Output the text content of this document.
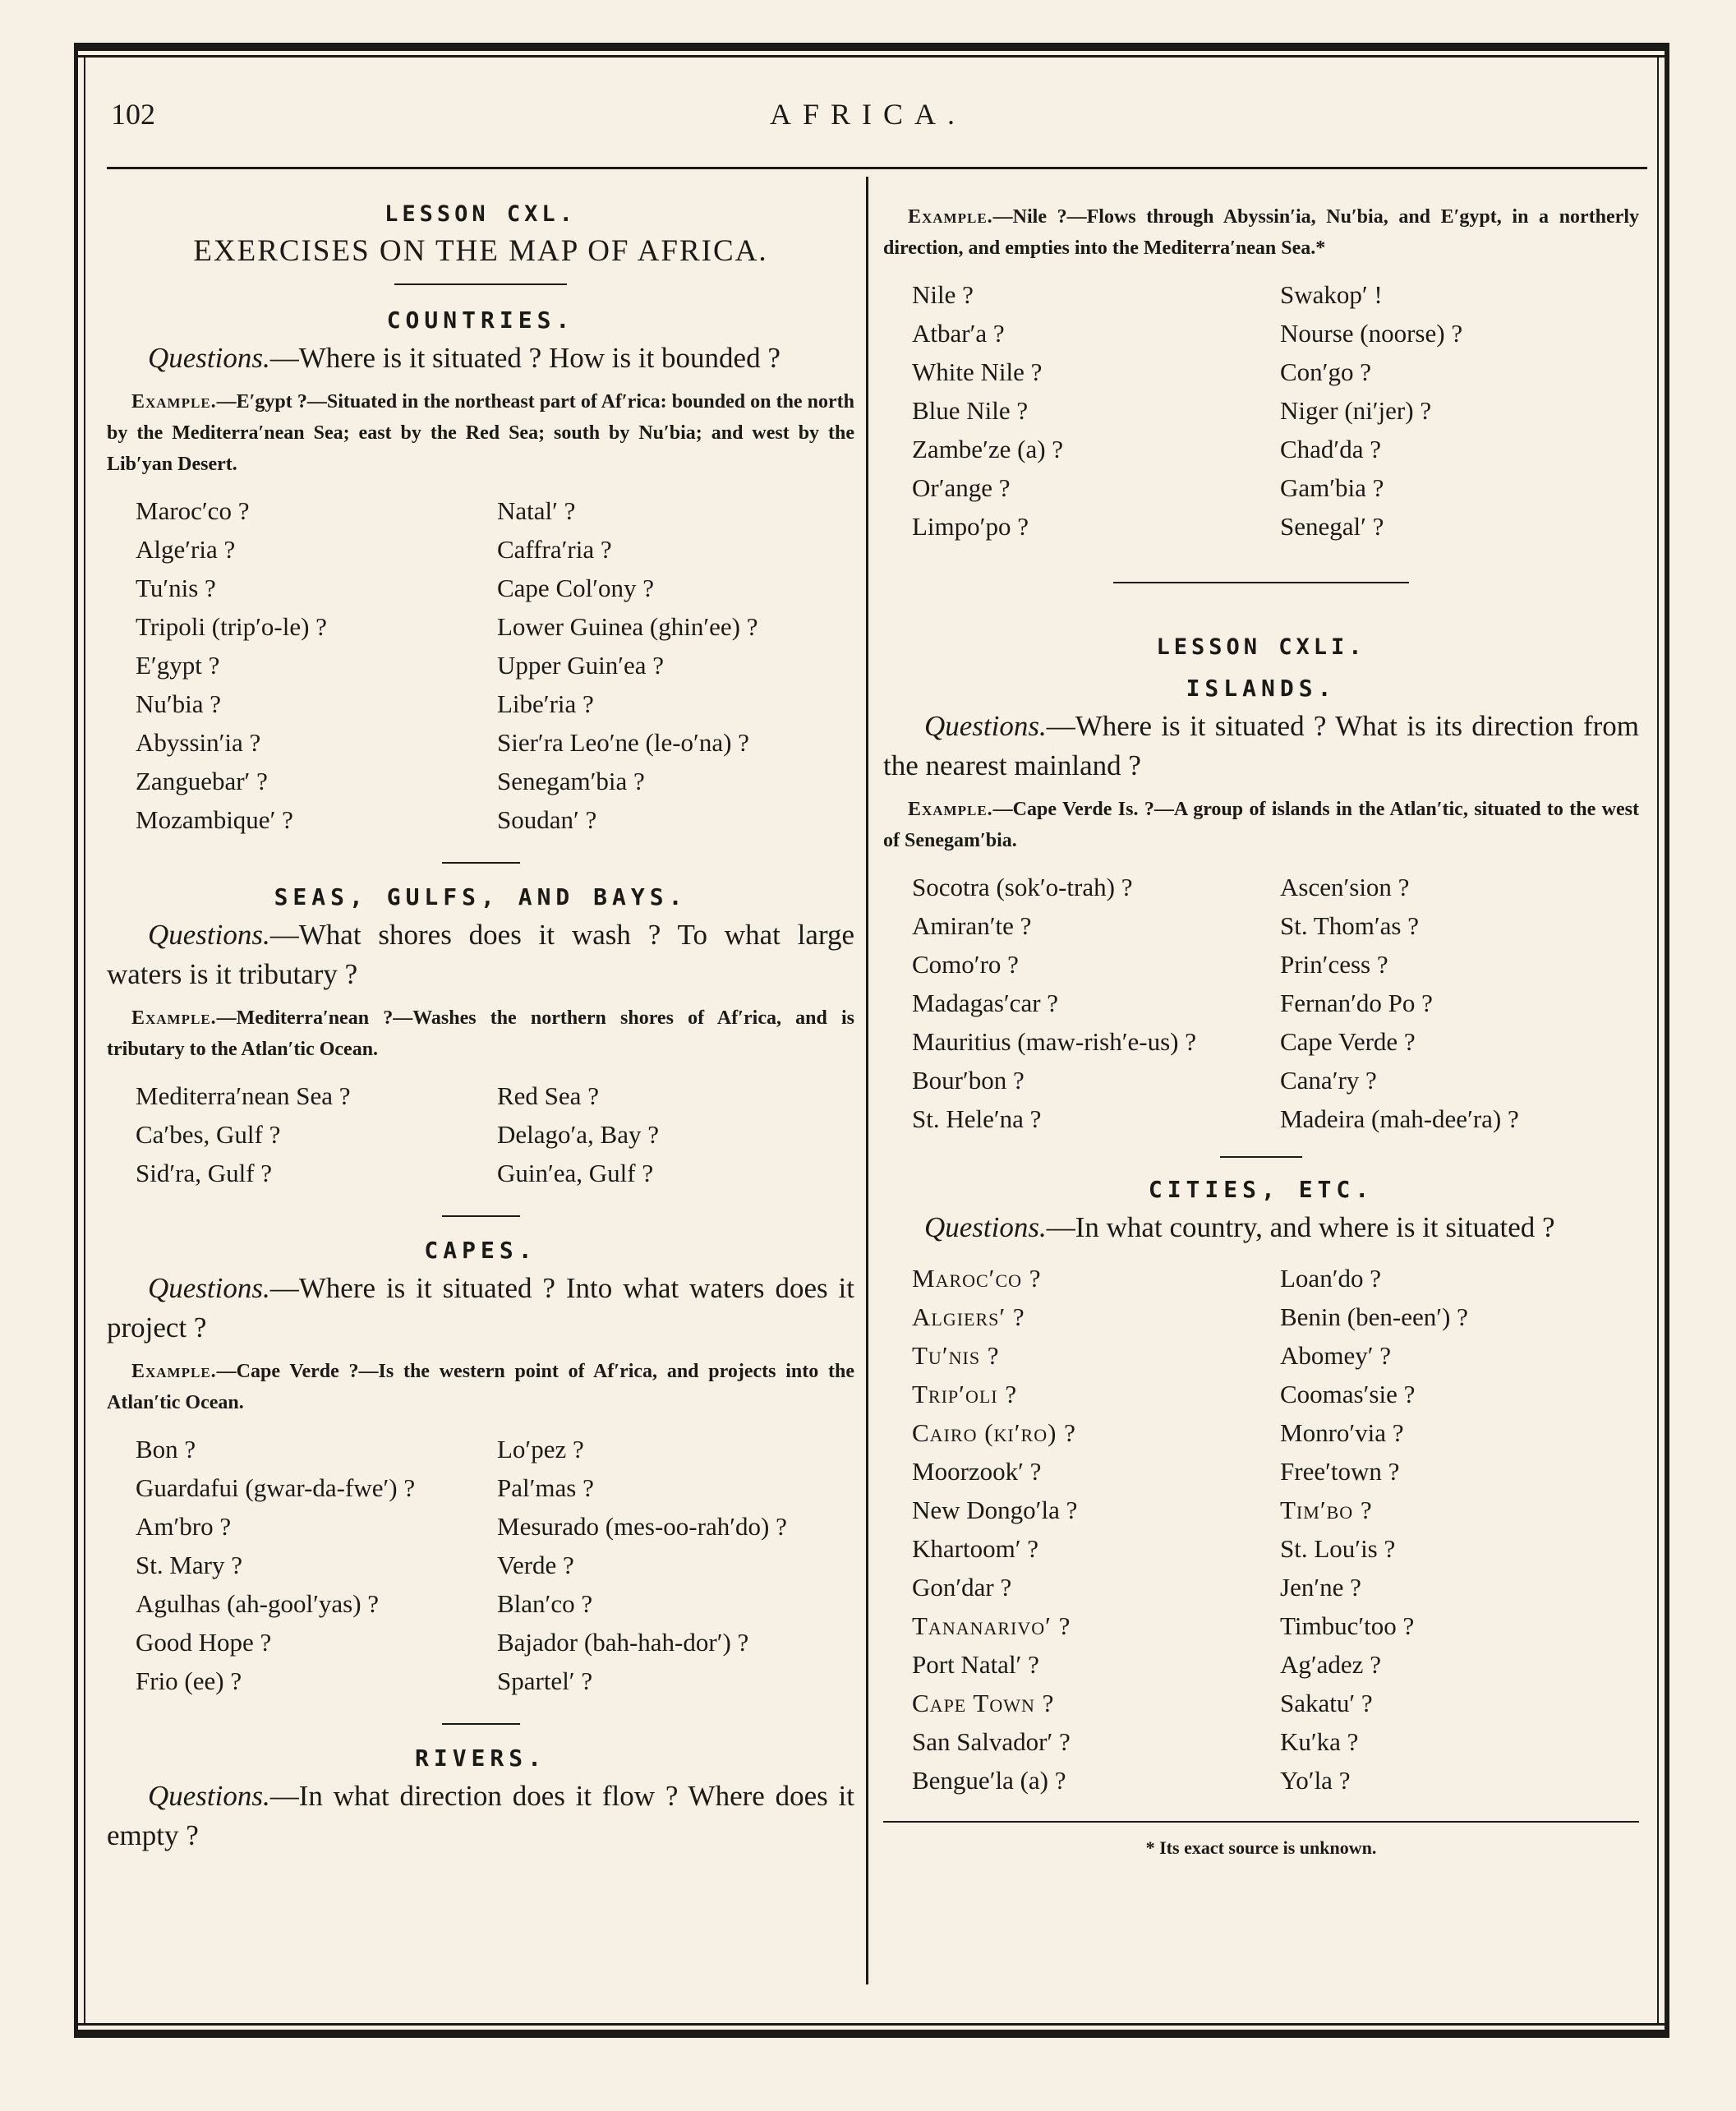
102	AFRICA.

LESSON CXL.

EXERCISES ON THE MAP OF AFRICA.

COUNTRIES.

Questions.—Where is it situated ? How is it bounded ?

Example.—E′gypt ?—Situated in the northeast part of Af′rica: bounded on the north by the Mediterra′nean Sea; east by the Red Sea; south by Nu′bia; and west by the Lib′yan Desert.

Maroc′co ?	Natal′ ?
Alge′ria ?	Caffra′ria ?
Tu′nis ?	Cape Col′ony ?
Tripoli (trip′o-le) ?	Lower Guinea (ghin′ee) ?
E′gypt ?	Upper Guin′ea ?
Nu′bia ?	Libe′ria ?
Abyssin′ia ?	Sier′ra Leo′ne (le-o′na) ?
Zanguebar′ ?	Senegam′bia ?
Mozambique′ ?	Soudan′ ?

SEAS, GULFS, AND BAYS.

Questions.—What shores does it wash ? To what large waters is it tributary ?

Example.—Mediterra′nean ?—Washes the northern shores of Af′rica, and is tributary to the Atlan′tic Ocean.

Mediterra′nean Sea ?	Red Sea ?
Ca′bes, Gulf ?	Delago′a, Bay ?
Sid′ra, Gulf ?	Guin′ea, Gulf ?

CAPES.

Questions.—Where is it situated ? Into what waters does it project ?

Example.—Cape Verde ?—Is the western point of Af′rica, and projects into the Atlan′tic Ocean.

Bon ?	Lo′pez ?
Guardafui (gwar-da-fwe′) ?	Pal′mas ?
Am′bro ?	Mesurado (mes-oo-rah′do) ?
St. Mary ?	Verde ?
Agulhas (ah-gool′yas) ?	Blan′co ?
Good Hope ?	Bajador (bah-hah-dor′) ?
Frio (ee) ?	Spartel′ ?

RIVERS.

Questions.—In what direction does it flow ? Where does it empty ?

Example.—Nile ?—Flows through Abyssin′ia, Nu′bia, and E′gypt, in a northerly direction, and empties into the Mediterra′nean Sea.*

Nile ?	Swakop′ !
Atbar′a ?	Nourse (noorse) ?
White Nile ?	Con′go ?
Blue Nile ?	Niger (ni′jer) ?
Zambe′ze (a) ?	Chad′da ?
Or′ange ?	Gam′bia ?
Limpo′po ?	Senegal′ ?

LESSON CXLI.

ISLANDS.

Questions.—Where is it situated ? What is its direction from the nearest mainland ?

Example.—Cape Verde Is. ?—A group of islands in the Atlan′tic, situated to the west of Senegam′bia.

Socotra (sok′o-trah) ?	Ascen′sion ?
Amiran′te ?	St. Thom′as ?
Como′ro ?	Prin′cess ?
Madagas′car ?	Fernan′do Po ?
Mauritius (maw-rish′e-us) ?	Cape Verde ?
Bour′bon ?	Cana′ry ?
St. Hele′na ?	Madeira (mah-dee′ra) ?

CITIES, ETC.

Questions.—In what country, and where is it situated ?

Maroc′co ?	Loan′do ?
Algiers′ ?	Benin (ben-een′) ?
Tu′nis ?	Abomey′ ?
Trip′oli ?	Coomas′sie ?
Cairo (ki′ro) ?	Monro′via ?
Moorzook′ ?	Free′town ?
New Dongo′la ?	Tim′bo ?
Khartoom′ ?	St. Lou′is ?
Gon′dar ?	Jen′ne ?
Tananarivo′ ?	Timbuc′too ?
Port Natal′ ?	Ag′adez ?
Cape Town ?	Sakatu′ ?
San Salvador′ ?	Ku′ka ?
Bengue′la (a) ?	Yo′la ?

* Its exact source is unknown.
